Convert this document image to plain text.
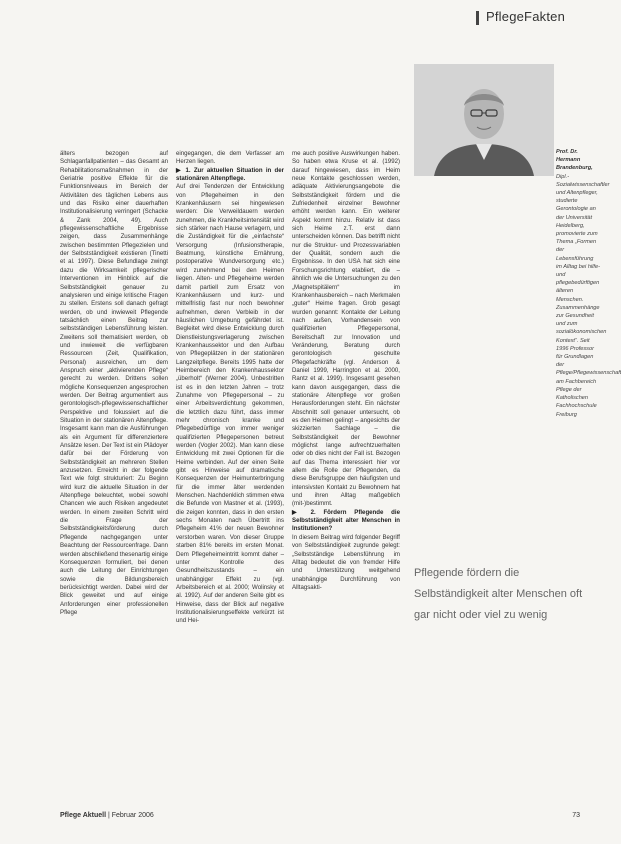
PflegeFakten

älters bezogen auf Schlaganfallpatienten – das Gesamt an Rehabilitationsmaßnahmen in der Geriatrie positive Effekte für die Funktionsniveaus im Bereich der Aktivitäten des täglichen Lebens aus und das Risiko einer dauerhaften Institutionalisierung verringert (Schacke & Zank 2004, 49). Auch pflegewissenschaftliche Ergebnisse zeigen, dass Zusammenhänge zwischen bestimmten Pflegezielen und der Selbstständigkeit existieren (Tinetti et al. 1997). Diese Befundlage zwingt dazu die Wirksamkeit pflegerischer Interventionen im Hinblick auf die Selbstständigkeit genauer zu analysieren und einige kritische Fragen zu stellen. Erstens soll danach gefragt werden, ob und inwieweit Pflegende tatsächlich einen Beitrag zur selbstständigen Lebensführung leisten. Zweitens soll thematisiert werden, ob und inwieweit die verfügbaren Ressourcen (Zeit, Qualifikation, Personal) ausreichen, um dem Anspruch einer „aktivierenden Pflege“ gerecht zu werden. Drittens sollen mögliche Konsequenzen angesprochen werden. Der Beitrag argumentiert aus gerontologisch-pflegewissenschaftlicher Perspektive und fokussiert auf die Situation in der stationären Altenpflege. Insgesamt kann man die Ausführungen als ein Argument für differenziertere Ansätze lesen. Der Text ist ein Plädoyer dafür bei der Förderung von Selbstständigkeit an mehreren Stellen anzusetzen. Erreicht in der folgende Text wie folgt strukturiert: Zu Beginn wird kurz die aktuelle Situation in der Altenpflege beleuchtet, wobei sowohl Chancen wie auch Risiken angedeutet werden. In einem zweiten Schritt wird die Frage der Selbstständigkeitsförderung durch Pflegende nachgegangen unter Beachtung der Ressourcenfrage. Dann werden abschließend thesenartig einige Konsequenzen formuliert, bei denen auch die Leitung der Einrichtungen sowie die Bildungsbereich berücksichtigt werden. Dabei wird der Blick geweitet und auf einige Anforderungen einer professionellen Pflege

eingegangen, die dem Verfasser am Herzen liegen.

▶ 1. Zur aktuellen Situation in der stationären Altenpflege.

Auf drei Tendenzen der Entwicklung von Pflegeheimen in den Krankenhäusern sei hingewiesen werden: Die Verweildauern werden zunehmen, die Krankheitsintensität wird sich stärker nach Hause verlagern, und die Zuständigkeit für die „einfachste“ Versorgung (Infusionstherapie, Beatmung, künstliche Ernährung, postoperative Wundversorgung etc.) wird zunehmend bei den Heimen liegen. Alten- und Pflegeheime werden damit partiell zum Ersatz von Krankenhäusern und kurz- und mittelfristig fast nur noch bewohner aufnehmen, deren Verbleib in der häuslichen Umgebung gefährdet ist. Begleitet wird diese Entwicklung durch Dienstleistungsverlagerung zwischen Krankenhaussektor und den Aufbau von Pflegeplätzen in der stationären Langzeitpflege. Bereits 1995 hatte der Heimbereich den Krankenhaussektor „überholt“ (Werner 2004). Unbestritten ist es in den letzten Jahren – trotz Zunahme von Pflegepersonal – zu einer Arbeitsverdichtung gekommen, die letztlich dazu führt, dass immer mehr chronisch kranke und Pflegebedürftige von immer weniger qualifizierten Pflegepersonen betreut werden (Vogler 2002). Man kann diese Entwicklung mit zwei Optionen für die Heime verbinden. Auf der einen Seite gibt es Hinweise auf dramatische Konsequenzen der Heimunterbringung für die immer älter werdenden Menschen. Nachdenklich stimmen etwa die Befunde von Mastner et al. (1993), die zeigen konnten, dass in den ersten sechs Monaten nach Übertritt ins Pflegeheim 41% der neuen Bewohner verstorben waren. Von dieser Gruppe starben 81% bereits im ersten Monat. Dem Pflegeheimeintritt kommt daher – unter Kontrolle des Gesundheitszustands – ein unabhängiger Effekt zu (vgl. Arbeitsbereich et al. 2000; Wolinsky et al. 1992). Auf der anderen Seite gibt es Hinweise, dass der Blick auf negative Institutionalisierungseffekte verkürzt ist und Hei-

me auch positive Auswirkungen haben. So haben etwa Kruse et al. (1992) darauf hingewiesen, dass im Heim neue Kontakte geschlossen werden, adäquate Aktivierungsangebote die Selbstständigkeit fördern und die Zufriedenheit einzelner Bewohner erhöht werden kann. Ein weiterer Aspekt kommt hinzu. Relativ ist dass sich Heime z.T. erst dann unterscheiden können. Das betrifft nicht nur die Struktur- und Prozessvariablen der Qualität, sondern auch die Ergebnisse. In den USA hat sich eine Forschungsrichtung etabliert, die – ähnlich wie die Untersuchungen zu den „Magnetspitälern“ im Krankenhausbereich – nach Merkmalen „guter“ Heime fragen. Grob gesagt wurden genannt: Kontakte der Leitung nach außen, Vorhandensein von qualifizierten Pflegepersonal, Bereitschaft zur Innovation und Veränderung, Beratung durch gerontologisch geschulte Pflegefachkräfte (vgl. Anderson & Daniel 1999, Harrington et al. 2000, Rantz et al. 1999). Insgesamt gesehen kann davon ausgegangen, dass die stationäre Altenpflege vor großen Herausforderungen steht. Ein nächster Abschnitt soll genauer untersucht, ob es den Heimen gelingt – angesichts der skizzierten Sachlage – die Selbstständigkeit der Bewohner möglichst lange aufrechtzuerhalten oder ob dies nicht der Fall ist. Bezogen auf das Thema interessiert hier vor allem die Rolle der Pflegenden, da diese Berufsgruppe den häufigsten und intensivsten Kontakt zu Bewohnern hat und ihren Alltag maßgeblich (mit-)bestimmt.

▶ 2. Fördern Pflegende die Selbstständigkeit alter Menschen in Institutionen?

In diesem Beitrag wird folgender Begriff von Selbstständigkeit zugrunde gelegt: „Selbstständige Lebensführung im Alltag bedeutet die von fremder Hilfe und Unterstützung weitgehend unabhängige Durchführung von Alltagsakti-

Prof. Dr. Hermann Brandenburg, Dipl.-Sozialwissenschaftler und Altenpfleger, studierte Gerontologie an der Universität Heidelberg, promovierte zum Thema „Formen der Lebensführung im Alltag bei hilfe- und pflegebedürftigen älteren Menschen. Zusammenhänge zur Gesundheit und zum sozialökonomischen Kontext“. Seit 1996 Professor für Grundlagen der Pflege/Pflegewissenschaft am Fachbereich Pflege der Katholischen Fachhochschule Freiburg
Pflegende fördern die Selbständigkeit alter Menschen oft gar nicht oder viel zu wenig
Pflege Aktuell | Februar 2006	73
